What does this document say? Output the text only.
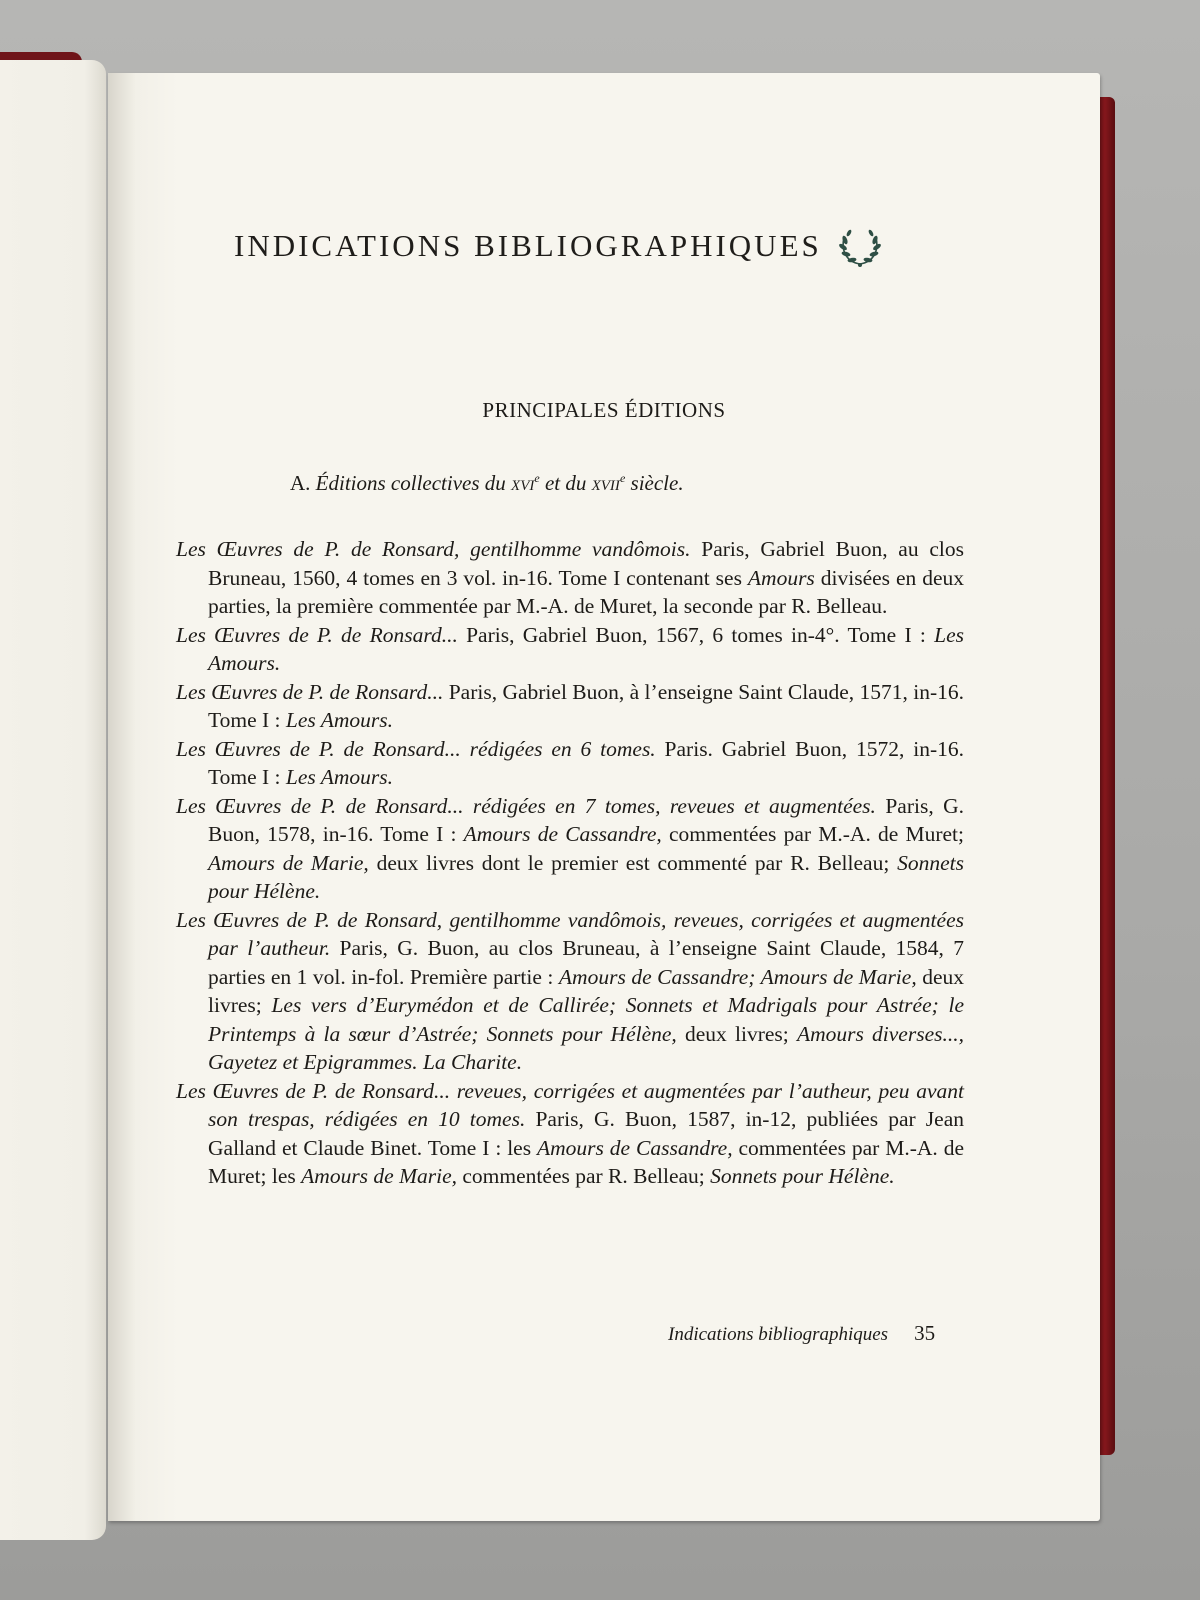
INDICATIONS BIBLIOGRAPHIQUES
PRINCIPALES ÉDITIONS
A. Éditions collectives du xvi$^e$ et du xvii$^e$ siècle.
Les Œuvres de P. de Ronsard, gentilhomme vandômois. Paris, Gabriel Buon, au clos Bruneau, 1560, 4 tomes en 3 vol. in-16. Tome I contenant ses Amours divisées en deux parties, la première commentée par M.-A. de Muret, la seconde par R. Belleau.
Les Œuvres de P. de Ronsard... Paris, Gabriel Buon, 1567, 6 tomes in-4°. Tome I : Les Amours.
Les Œuvres de P. de Ronsard... Paris, Gabriel Buon, à l’enseigne Saint Claude, 1571, in-16. Tome I : Les Amours.
Les Œuvres de P. de Ronsard... rédigées en 6 tomes. Paris. Gabriel Buon, 1572, in-16. Tome I : Les Amours.
Les Œuvres de P. de Ronsard... rédigées en 7 tomes, reveues et augmentées. Paris, G. Buon, 1578, in-16. Tome I : Amours de Cassandre, commentées par M.-A. de Muret; Amours de Marie, deux livres dont le premier est commenté par R. Belleau; Sonnets pour Hélène.
Les Œuvres de P. de Ronsard, gentilhomme vandômois, reveues, corrigées et augmentées par l’autheur. Paris, G. Buon, au clos Bruneau, à l’enseigne Saint Claude, 1584, 7 parties en 1 vol. in-fol. Première partie : Amours de Cassandre; Amours de Marie, deux livres; Les vers d’Eurymédon et de Callirée; Sonnets et Madrigals pour Astrée; le Printemps à la sœur d’Astrée; Sonnets pour Hélène, deux livres; Amours diverses..., Gayetez et Epigrammes. La Charite.
Les Œuvres de P. de Ronsard... reveues, corrigées et augmentées par l’autheur, peu avant son trespas, rédigées en 10 tomes. Paris, G. Buon, 1587, in-12, publiées par Jean Galland et Claude Binet. Tome I : les Amours de Cassandre, commentées par M.-A. de Muret; les Amours de Marie, commentées par R. Belleau; Sonnets pour Hélène.
Indications bibliographiques 35
